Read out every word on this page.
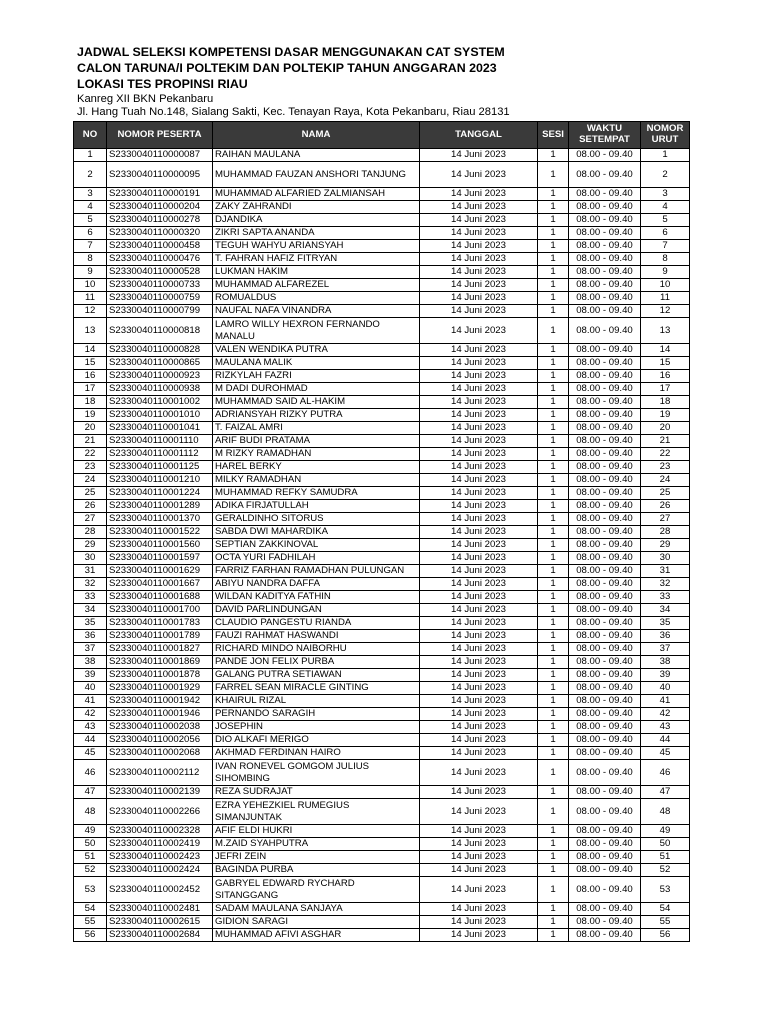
JADWAL SELEKSI KOMPETENSI DASAR MENGGUNAKAN CAT SYSTEM
CALON TARUNA/I POLTEKIM DAN POLTEKIP TAHUN ANGGARAN 2023
LOKASI TES PROPINSI RIAU
Kanreg XII BKN Pekanbaru
Jl. Hang Tuah No.148, Sialang Sakti, Kec. Tenayan Raya, Kota Pekanbaru, Riau 28131
NO	NOMOR PESERTA	NAMA	TANGGAL	SESI	WAKTU SETEMPAT	NOMOR URUT
1	S2330040110000087	RAIHAN MAULANA	14 Juni 2023	1	08.00 - 09.40	1
2	S2330040110000095	MUHAMMAD FAUZAN ANSHORI TANJUNG	14 Juni 2023	1	08.00 - 09.40	2
3	S2330040110000191	MUHAMMAD ALFARIED ZALMIANSAH	14 Juni 2023	1	08.00 - 09.40	3
4	S2330040110000204	ZAKY ZAHRANDI	14 Juni 2023	1	08.00 - 09.40	4
5	S2330040110000278	DJANDIKA	14 Juni 2023	1	08.00 - 09.40	5
6	S2330040110000320	ZIKRI SAPTA ANANDA	14 Juni 2023	1	08.00 - 09.40	6
7	S2330040110000458	TEGUH WAHYU ARIANSYAH	14 Juni 2023	1	08.00 - 09.40	7
8	S2330040110000476	T. FAHRAN HAFIZ FITRYAN	14 Juni 2023	1	08.00 - 09.40	8
9	S2330040110000528	LUKMAN HAKIM	14 Juni 2023	1	08.00 - 09.40	9
10	S2330040110000733	MUHAMMAD ALFAREZEL	14 Juni 2023	1	08.00 - 09.40	10
11	S2330040110000759	ROMUALDUS	14 Juni 2023	1	08.00 - 09.40	11
12	S2330040110000799	NAUFAL NAFA VINANDRA	14 Juni 2023	1	08.00 - 09.40	12
13	S2330040110000818	LAMRO WILLY HEXRON FERNANDO MANALU	14 Juni 2023	1	08.00 - 09.40	13
14	S2330040110000828	VALEN WENDIKA PUTRA	14 Juni 2023	1	08.00 - 09.40	14
15	S2330040110000865	MAULANA MALIK	14 Juni 2023	1	08.00 - 09.40	15
16	S2330040110000923	RIZKYLAH FAZRI	14 Juni 2023	1	08.00 - 09.40	16
17	S2330040110000938	M DADI DUROHMAD	14 Juni 2023	1	08.00 - 09.40	17
18	S2330040110001002	MUHAMMAD SAID AL-HAKIM	14 Juni 2023	1	08.00 - 09.40	18
19	S2330040110001010	ADRIANSYAH RIZKY PUTRA	14 Juni 2023	1	08.00 - 09.40	19
20	S2330040110001041	T. FAIZAL AMRI	14 Juni 2023	1	08.00 - 09.40	20
21	S2330040110001110	ARIF BUDI PRATAMA	14 Juni 2023	1	08.00 - 09.40	21
22	S2330040110001112	M RIZKY RAMADHAN	14 Juni 2023	1	08.00 - 09.40	22
23	S2330040110001125	HAREL BERKY	14 Juni 2023	1	08.00 - 09.40	23
24	S2330040110001210	MILKY RAMADHAN	14 Juni 2023	1	08.00 - 09.40	24
25	S2330040110001224	MUHAMMAD REFKY SAMUDRA	14 Juni 2023	1	08.00 - 09.40	25
26	S2330040110001289	ADIKA FIRJATULLAH	14 Juni 2023	1	08.00 - 09.40	26
27	S2330040110001370	GERALDINHO SITORUS	14 Juni 2023	1	08.00 - 09.40	27
28	S2330040110001522	SABDA DWI MAHARDIKA	14 Juni 2023	1	08.00 - 09.40	28
29	S2330040110001560	SEPTIAN ZAKKINOVAL	14 Juni 2023	1	08.00 - 09.40	29
30	S2330040110001597	OCTA YURI FADHILAH	14 Juni 2023	1	08.00 - 09.40	30
31	S2330040110001629	FARRIZ FARHAN RAMADHAN PULUNGAN	14 Juni 2023	1	08.00 - 09.40	31
32	S2330040110001667	ABIYU NANDRA DAFFA	14 Juni 2023	1	08.00 - 09.40	32
33	S2330040110001688	WILDAN KADITYA FATHIN	14 Juni 2023	1	08.00 - 09.40	33
34	S2330040110001700	DAVID PARLINDUNGAN	14 Juni 2023	1	08.00 - 09.40	34
35	S2330040110001783	CLAUDIO PANGESTU RIANDA	14 Juni 2023	1	08.00 - 09.40	35
36	S2330040110001789	FAUZI RAHMAT HASWANDI	14 Juni 2023	1	08.00 - 09.40	36
37	S2330040110001827	RICHARD MINDO NAIBORHU	14 Juni 2023	1	08.00 - 09.40	37
38	S2330040110001869	PANDE JON FELIX PURBA	14 Juni 2023	1	08.00 - 09.40	38
39	S2330040110001878	GALANG PUTRA SETIAWAN	14 Juni 2023	1	08.00 - 09.40	39
40	S2330040110001929	FARREL SEAN MIRACLE GINTING	14 Juni 2023	1	08.00 - 09.40	40
41	S2330040110001942	KHAIRUL RIZAL	14 Juni 2023	1	08.00 - 09.40	41
42	S2330040110001946	PERNANDO SARAGIH	14 Juni 2023	1	08.00 - 09.40	42
43	S2330040110002038	JOSEPHIN	14 Juni 2023	1	08.00 - 09.40	43
44	S2330040110002056	DIO ALKAFI MERIGO	14 Juni 2023	1	08.00 - 09.40	44
45	S2330040110002068	AKHMAD FERDINAN HAIRO	14 Juni 2023	1	08.00 - 09.40	45
46	S2330040110002112	IVAN RONEVEL GOMGOM JULIUS SIHOMBING	14 Juni 2023	1	08.00 - 09.40	46
47	S2330040110002139	REZA SUDRAJAT	14 Juni 2023	1	08.00 - 09.40	47
48	S2330040110002266	EZRA YEHEZKIEL RUMEGIUS SIMANJUNTAK	14 Juni 2023	1	08.00 - 09.40	48
49	S2330040110002328	AFIF ELDI HUKRI	14 Juni 2023	1	08.00 - 09.40	49
50	S2330040110002419	M.ZAID SYAHPUTRA	14 Juni 2023	1	08.00 - 09.40	50
51	S2330040110002423	JEFRI ZEIN	14 Juni 2023	1	08.00 - 09.40	51
52	S2330040110002424	BAGINDA PURBA	14 Juni 2023	1	08.00 - 09.40	52
53	S2330040110002452	GABRYEL EDWARD RYCHARD SITANGGANG	14 Juni 2023	1	08.00 - 09.40	53
54	S2330040110002481	SADAM MAULANA SANJAYA	14 Juni 2023	1	08.00 - 09.40	54
55	S2330040110002615	GIDION SARAGI	14 Juni 2023	1	08.00 - 09.40	55
56	S2330040110002684	MUHAMMAD AFIVI ASGHAR	14 Juni 2023	1	08.00 - 09.40	56
